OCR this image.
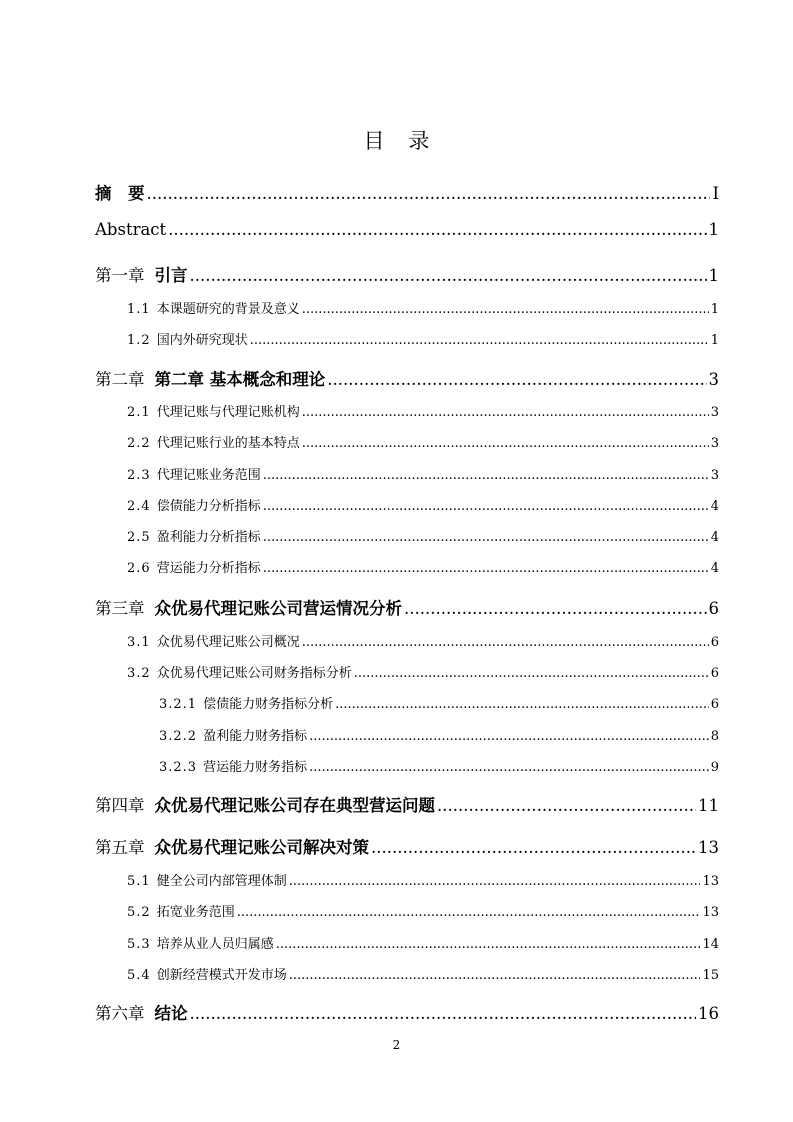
目 录
摘　要 .....	I
Abstract .....	1
第一章 引言 .....	1
1.1 本课题研究的背景及意义 .....	1
1.2 国内外研究现状 .....	1
第二章 第二章 基本概念和理论 .....	3
2.1 代理记账与代理记账机构 .....	3
2.2 代理记账行业的基本特点 .....	3
2.3 代理记账业务范围 .....	3
2.4 偿债能力分析指标 .....	4
2.5 盈利能力分析指标 .....	4
2.6 营运能力分析指标 .....	4
第三章 众优易代理记账公司营运情况分析 .....	6
3.1 众优易代理记账公司概况 .....	6
3.2 众优易代理记账公司财务指标分析 .....	6
3.2.1 偿债能力财务指标分析 .....	6
3.2.2 盈利能力财务指标 .....	8
3.2.3 营运能力财务指标 .....	9
第四章 众优易代理记账公司存在典型营运问题 .....	11
第五章 众优易代理记账公司解决对策 .....	13
5.1 健全公司内部管理体制 .....	13
5.2 拓宽业务范围 .....	13
5.3 培养从业人员归属感 .....	14
5.4 创新经营模式开发市场 .....	15
第六章 结论 .....	16
2
